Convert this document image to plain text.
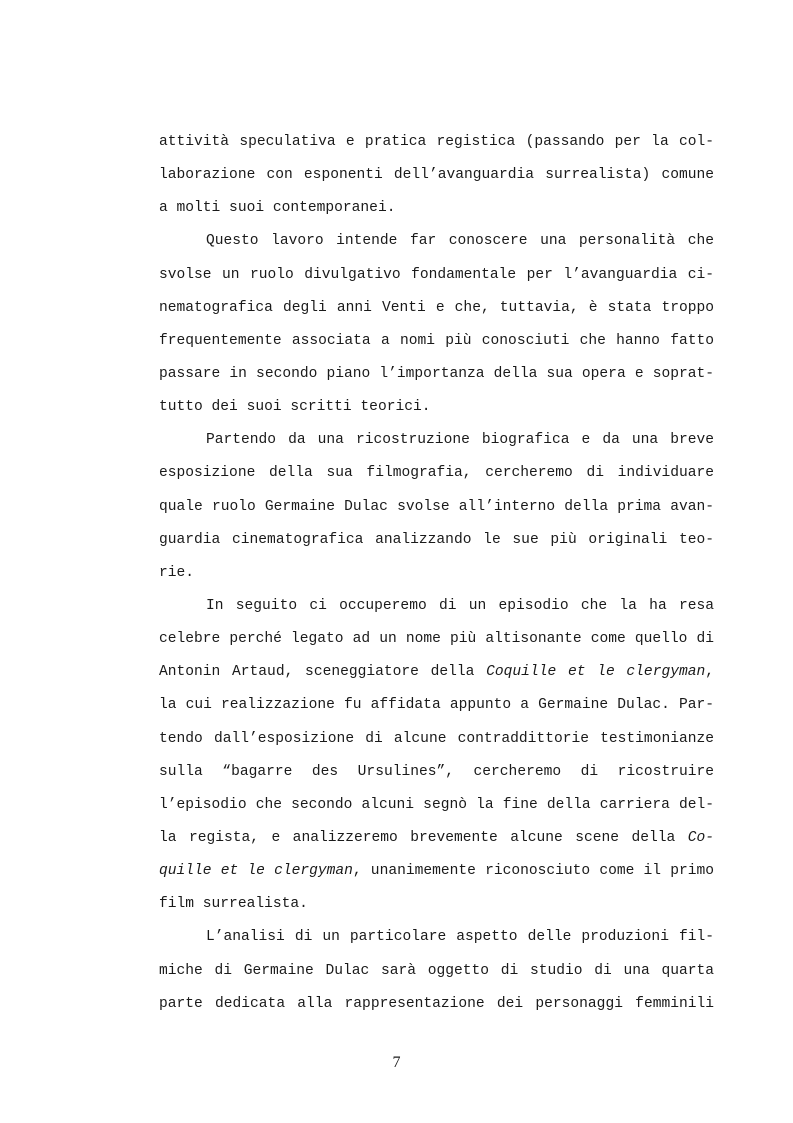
attività speculativa e pratica registica (passando per la col-
laborazione con esponenti dell’avanguardia surrealista) comune
a molti suoi contemporanei.
Questo lavoro intende far conoscere una personalità che
svolse un ruolo divulgativo fondamentale per l’avanguardia ci-
nematografica degli anni Venti e che, tuttavia, è stata troppo
frequentemente associata a nomi più conosciuti che hanno fatto
passare in secondo piano l’importanza della sua opera e soprat-
tutto dei suoi scritti teorici.
Partendo da una ricostruzione biografica e da una breve
esposizione della sua filmografia, cercheremo di individuare
quale ruolo Germaine Dulac svolse all’interno della prima avan-
guardia cinematografica analizzando le sue più originali teo-
rie.
In seguito ci occuperemo di un episodio che la ha resa
celebre perché legato ad un nome più altisonante come quello di
Antonin Artaud, sceneggiatore della Coquille et le clergyman,
la cui realizzazione fu affidata appunto a Germaine Dulac. Par-
tendo dall’esposizione di alcune contraddittorie testimonianze
sulla “bagarre des Ursulines”, cercheremo di ricostruire
l’episodio che secondo alcuni segnò la fine della carriera del-
la regista, e analizzeremo brevemente alcune scene della Co-
quille et le clergyman, unanimemente riconosciuto come il primo
film surrealista.
L’analisi di un particolare aspetto delle produzioni fil-
miche di Germaine Dulac sarà oggetto di studio di una quarta
parte dedicata alla rappresentazione dei personaggi femminili
7
